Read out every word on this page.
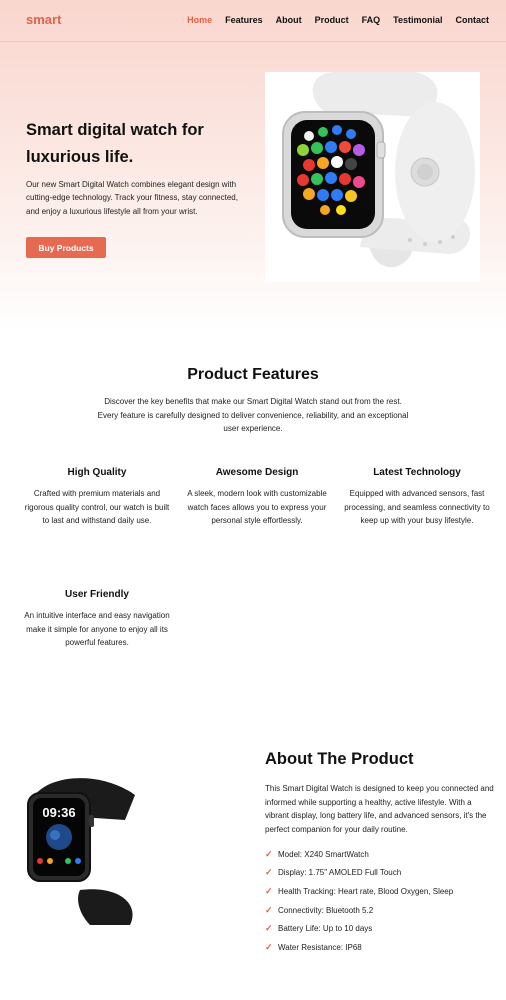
smart	Home Features About Product FAQ Testimonial Contact
Smart digital watch for luxurious life.

Our new Smart Digital Watch combines elegant design with cutting-edge technology. Track your fitness, stay connected, and enjoy a luxurious lifestyle all from your wrist.

Buy Products
Product Features

Discover the key benefits that make our Smart Digital Watch stand out from the rest. Every feature is carefully designed to deliver convenience, reliability, and an exceptional user experience.

High Quality

Crafted with premium materials and rigorous quality control, our watch is built to last and withstand daily use.

Awesome Design

A sleek, modern look with customizable watch faces allows you to express your personal style effortlessly.

Latest Technology

Equipped with advanced sensors, fast processing, and seamless connectivity to keep up with your busy lifestyle.

User Friendly

An intuitive interface and easy navigation make it simple for anyone to enjoy all its powerful features.

09:36
About The Product

This Smart Digital Watch is designed to keep you connected and informed while supporting a healthy, active lifestyle. With a vibrant display, long battery life, and advanced sensors, it's the perfect companion for your daily routine.

✓ Model: X240 SmartWatch
✓ Display: 1.75" AMOLED Full Touch
✓ Health Tracking: Heart rate, Blood Oxygen, Sleep
✓ Connectivity: Bluetooth 5.2
✓ Battery Life: Up to 10 days
✓ Water Resistance: IP68
